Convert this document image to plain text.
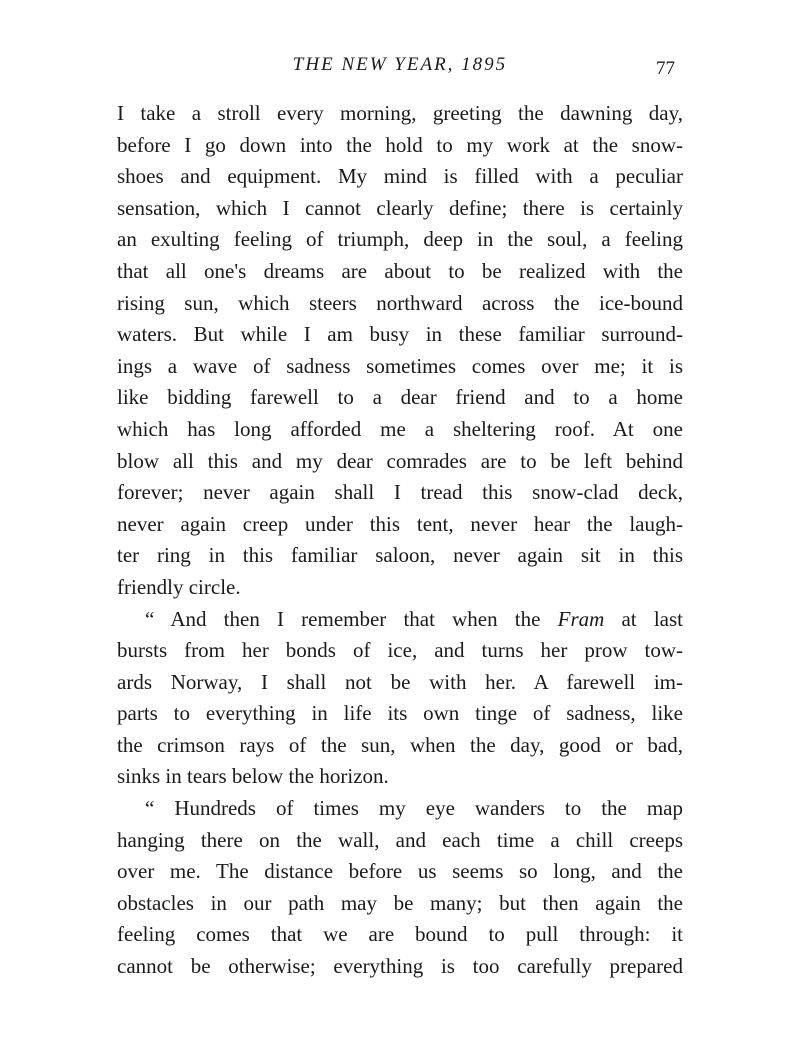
THE NEW YEAR, 1895	77
I take a stroll every morning, greeting the dawning day,
before I go down into the hold to my work at the snow-
shoes and equipment. My mind is filled with a peculiar
sensation, which I cannot clearly define; there is certainly
an exulting feeling of triumph, deep in the soul, a feeling
that all one's dreams are about to be realized with the
rising sun, which steers northward across the ice-bound
waters. But while I am busy in these familiar surround-
ings a wave of sadness sometimes comes over me; it is
like bidding farewell to a dear friend and to a home
which has long afforded me a sheltering roof. At one
blow all this and my dear comrades are to be left behind
forever; never again shall I tread this snow-clad deck,
never again creep under this tent, never hear the laugh-
ter ring in this familiar saloon, never again sit in this
friendly circle.
“ And then I remember that when the Fram at last
bursts from her bonds of ice, and turns her prow tow-
ards Norway, I shall not be with her. A farewell im-
parts to everything in life its own tinge of sadness, like
the crimson rays of the sun, when the day, good or bad,
sinks in tears below the horizon.
“ Hundreds of times my eye wanders to the map
hanging there on the wall, and each time a chill creeps
over me. The distance before us seems so long, and the
obstacles in our path may be many; but then again the
feeling comes that we are bound to pull through: it
cannot be otherwise; everything is too carefully prepared
